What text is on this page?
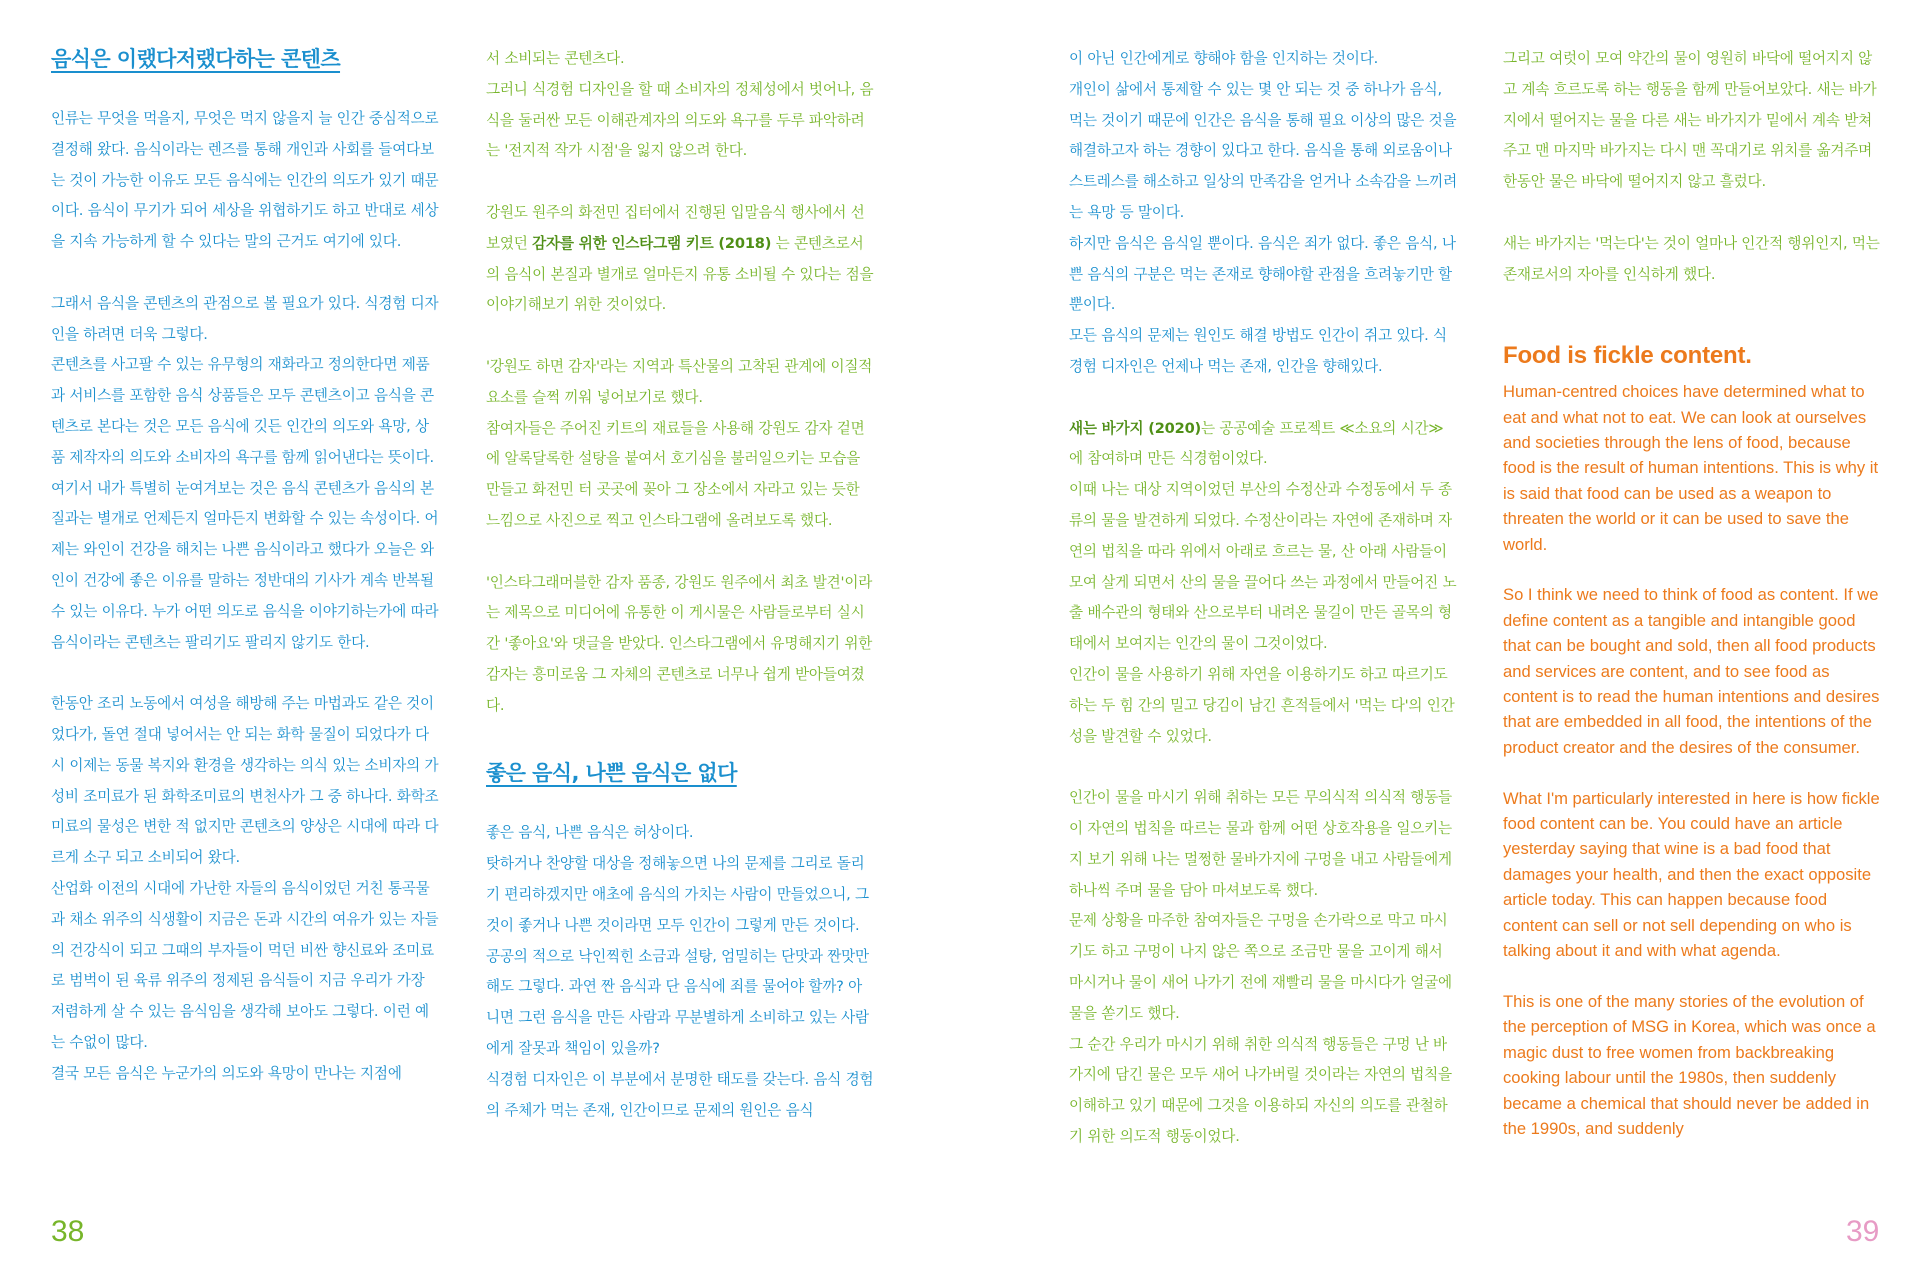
음식은 이랬다저랬다하는 콘텐츠

인류는 무엇을 먹을지, 무엇은 먹지 않을지 늘 인간 중심적으로 결정해 왔다. 음식이라는 렌즈를 통해 개인과 사회를 들여다보는 것이 가능한 이유도 모든 음식에는 인간의 의도가 있기 때문이다. 음식이 무기가 되어 세상을 위협하기도 하고 반대로 세상을 지속 가능하게 할 수 있다는 말의 근거도 여기에 있다.

그래서 음식을 콘텐츠의 관점으로 볼 필요가 있다. 식경험 디자인을 하려면 더욱 그렇다.

콘텐츠를 사고팔 수 있는 유무형의 재화라고 정의한다면 제품과 서비스를 포함한 음식 상품들은 모두 콘텐츠이고 음식을 콘텐츠로 본다는 것은 모든 음식에 깃든 인간의 의도와 욕망, 상품 제작자의 의도와 소비자의 욕구를 함께 읽어낸다는 뜻이다.

여기서 내가 특별히 눈여겨보는 것은 음식 콘텐츠가 음식의 본질과는 별개로 언제든지 얼마든지 변화할 수 있는 속성이다. 어제는 와인이 건강을 해치는 나쁜 음식이라고 했다가 오늘은 와인이 건강에 좋은 이유를 말하는 정반대의 기사가 계속 반복될 수 있는 이유다. 누가 어떤 의도로 음식을 이야기하는가에 따라 음식이라는 콘텐츠는 팔리기도 팔리지 않기도 한다.

한동안 조리 노동에서 여성을 해방해 주는 마법과도 같은 것이었다가, 돌연 절대 넣어서는 안 되는 화학 물질이 되었다가 다시 이제는 동물 복지와 환경을 생각하는 의식 있는 소비자의 가성비 조미료가 된 화학조미료의 변천사가 그 중 하나다. 화학조미료의 물성은 변한 적 없지만 콘텐츠의 양상은 시대에 따라 다르게 소구 되고 소비되어 왔다.

산업화 이전의 시대에 가난한 자들의 음식이었던 거친 통곡물과 채소 위주의 식생활이 지금은 돈과 시간의 여유가 있는 자들의 건강식이 되고 그때의 부자들이 먹던 비싼 향신료와 조미료로 범벅이 된 육류 위주의 정제된 음식들이 지금 우리가 가장 저렴하게 살 수 있는 음식임을 생각해 보아도 그렇다. 이런 예는 수없이 많다.

결국 모든 음식은 누군가의 의도와 욕망이 만나는 지점에

서 소비되는 콘텐츠다.

그러니 식경험 디자인을 할 때 소비자의 정체성에서 벗어나, 음식을 둘러싼 모든 이해관계자의 의도와 욕구를 두루 파악하려는 '전지적 작가 시점'을 잃지 않으려 한다.

강원도 원주의 화전민 집터에서 진행된 입말음식 행사에서 선보였던 감자를 위한 인스타그램 키트 (2018) 는 콘텐츠로서의 음식이 본질과 별개로 얼마든지 유통 소비될 수 있다는 점을 이야기해보기 위한 것이었다.

'강원도 하면 감자'라는 지역과 특산물의 고착된 관계에 이질적 요소를 슬쩍 끼워 넣어보기로 했다.

참여자들은 주어진 키트의 재료들을 사용해 강원도 감자 겉면에 알록달록한 설탕을 붙여서 호기심을 불러일으키는 모습을 만들고 화전민 터 곳곳에 꽂아 그 장소에서 자라고 있는 듯한 느낌으로 사진으로 찍고 인스타그램에 올려보도록 했다.

'인스타그래머블한 감자 품종, 강원도 원주에서 최초 발견'이라는 제목으로 미디어에 유통한 이 게시물은 사람들로부터 실시간 '좋아요'와 댓글을 받았다. 인스타그램에서 유명해지기 위한 감자는 흥미로움 그 자체의 콘텐츠로 너무나 쉽게 받아들여졌다.

좋은 음식, 나쁜 음식은 없다

좋은 음식, 나쁜 음식은 허상이다.

탓하거나 찬양할 대상을 정해놓으면 나의 문제를 그리로 돌리기 편리하겠지만 애초에 음식의 가치는 사람이 만들었으니, 그것이 좋거나 나쁜 것이라면 모두 인간이 그렇게 만든 것이다.

공공의 적으로 낙인찍힌 소금과 설탕, 엄밀히는 단맛과 짠맛만 해도 그렇다. 과연 짠 음식과 단 음식에 죄를 물어야 할까? 아니면 그런 음식을 만든 사람과 무분별하게 소비하고 있는 사람에게 잘못과 책임이 있을까?

식경험 디자인은 이 부분에서 분명한 태도를 갖는다. 음식 경험의 주체가 먹는 존재, 인간이므로 문제의 원인은 음식

이 아닌 인간에게로 향해야 함을 인지하는 것이다.

개인이 삶에서 통제할 수 있는 몇 안 되는 것 중 하나가 음식, 먹는 것이기 때문에 인간은 음식을 통해 필요 이상의 많은 것을 해결하고자 하는 경향이 있다고 한다. 음식을 통해 외로움이나 스트레스를 해소하고 일상의 만족감을 얻거나 소속감을 느끼려는 욕망 등 말이다.

하지만 음식은 음식일 뿐이다. 음식은 죄가 없다. 좋은 음식, 나쁜 음식의 구분은 먹는 존재로 향해야할 관점을 흐려놓기만 할 뿐이다.

모든 음식의 문제는 원인도 해결 방법도 인간이 쥐고 있다. 식경험 디자인은 언제나 먹는 존재, 인간을 향해있다.

새는 바가지 (2020)는 공공예술 프로젝트 ≪소요의 시간≫에 참여하며 만든 식경험이었다.

이때 나는 대상 지역이었던 부산의 수정산과 수정동에서 두 종류의 물을 발견하게 되었다. 수정산이라는 자연에 존재하며 자연의 법칙을 따라 위에서 아래로 흐르는 물, 산 아래 사람들이 모여 살게 되면서 산의 물을 끌어다 쓰는 과정에서 만들어진 노출 배수관의 형태와 산으로부터 내려온 물길이 만든 골목의 형태에서 보여지는 인간의 물이 그것이었다.

인간이 물을 사용하기 위해 자연을 이용하기도 하고 따르기도 하는 두 힘 간의 밀고 당김이 남긴 흔적들에서 '먹는 다'의 인간성을 발견할 수 있었다.

인간이 물을 마시기 위해 취하는 모든 무의식적 의식적 행동들이 자연의 법칙을 따르는 물과 함께 어떤 상호작용을 일으키는지 보기 위해 나는 멀쩡한 물바가지에 구멍을 내고 사람들에게 하나씩 주며 물을 담아 마셔보도록 했다.

문제 상황을 마주한 참여자들은 구멍을 손가락으로 막고 마시기도 하고 구멍이 나지 않은 쪽으로 조금만 물을 고이게 해서 마시거나 물이 새어 나가기 전에 재빨리 물을 마시다가 얼굴에 물을 쏟기도 했다.

그 순간 우리가 마시기 위해 취한 의식적 행동들은 구멍 난 바가지에 담긴 물은 모두 새어 나가버릴 것이라는 자연의 법칙을 이해하고 있기 때문에 그것을 이용하되 자신의 의도를 관철하기 위한 의도적 행동이었다.

그리고 여럿이 모여 약간의 물이 영원히 바닥에 떨어지지 않고 계속 흐르도록 하는 행동을 함께 만들어보았다. 새는 바가지에서 떨어지는 물을 다른 새는 바가지가 밑에서 계속 받쳐주고 맨 마지막 바가지는 다시 맨 꼭대기로 위치를 옮겨주며 한동안 물은 바닥에 떨어지지 않고 흘렀다.

새는 바가지는 '먹는다'는 것이 얼마나 인간적 행위인지, 먹는 존재로서의 자아를 인식하게 했다.

Food is fickle content.

Human-centred choices have determined what to eat and what not to eat. We can look at ourselves and societies through the lens of food, because food is the result of human intentions. This is why it is said that food can be used as a weapon to threaten the world or it can be used to save the world.

So I think we need to think of food as content. If we define content as a tangible and intangible good that can be bought and sold, then all food products and services are content, and to see food as content is to read the human intentions and desires that are embedded in all food, the intentions of the product creator and the desires of the consumer.

What I'm particularly interested in here is how fickle food content can be. You could have an article yesterday saying that wine is a bad food that damages your health, and then the exact opposite article today. This can happen because food content can sell or not sell depending on who is talking about it and with what agenda.

This is one of the many stories of the evolution of the perception of MSG in Korea, which was once a magic dust to free women from backbreaking cooking labour until the 1980s, then suddenly became a chemical that should never be added in the 1990s, and suddenly

38	39
